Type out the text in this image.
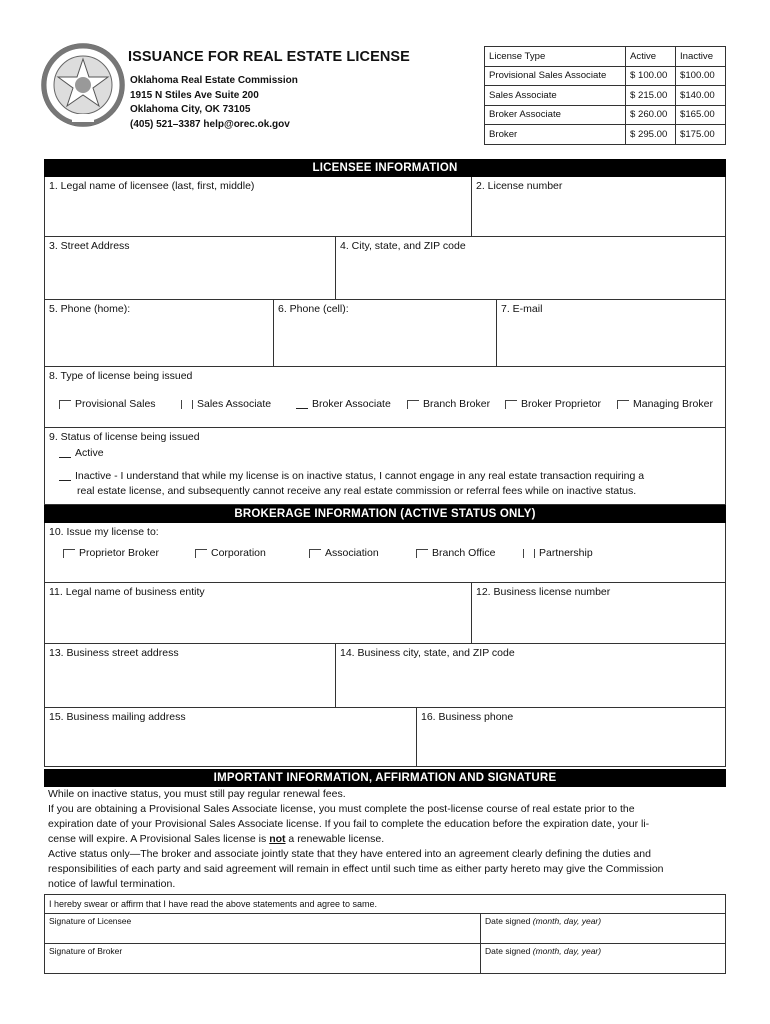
ISSUANCE FOR REAL ESTATE LICENSE
Oklahoma Real Estate Commission
1915 N Stiles Ave Suite 200
Oklahoma City, OK 73105
(405) 521–3387 help@orec.ok.gov
License Type	Active	Inactive
Provisional Sales Associate	$ 100.00	$100.00
Sales Associate	$ 215.00	$140.00
Broker Associate	$ 260.00	$165.00
Broker	$ 295.00	$175.00
LICENSEE INFORMATION
1. Legal name of licensee (last, first, middle)	2. License number
3. Street Address	4. City, state, and ZIP code
5. Phone (home):	6. Phone (cell):	7. E-mail
8. Type of license being issued
Provisional Sales	Sales Associate	Broker Associate	Branch Broker	Broker Proprietor	Managing Broker
9. Status of license being issued
Active
Inactive - I understand that while my license is on inactive status, I cannot engage in any real estate transaction requiring a
real estate license, and subsequently cannot receive any real estate commission or referral fees while on inactive status.
BROKERAGE INFORMATION (ACTIVE STATUS ONLY)
10. Issue my license to:
Proprietor Broker	Corporation	Association	Branch Office	Partnership
11. Legal name of business entity	12. Business license number
13. Business street address	14. Business city, state, and ZIP code
15. Business mailing address	16. Business phone
IMPORTANT INFORMATION, AFFIRMATION AND SIGNATURE
While on inactive status, you must still pay regular renewal fees.
If you are obtaining a Provisional Sales Associate license, you must complete the post-license course of real estate prior to the
expiration date of your Provisional Sales Associate license. If you fail to complete the education before the expiration date, your li-
cense will expire. A Provisional Sales license is not a renewable license.
Active status only—The broker and associate jointly state that they have entered into an agreement clearly defining the duties and
responsibilities of each party and said agreement will remain in effect until such time as either party hereto may give the Commission
notice of lawful termination.
I hereby swear or affirm that I have read the above statements and agree to same.
Signature of Licensee	Date signed (month, day, year)
Signature of Broker	Date signed (month, day, year)
